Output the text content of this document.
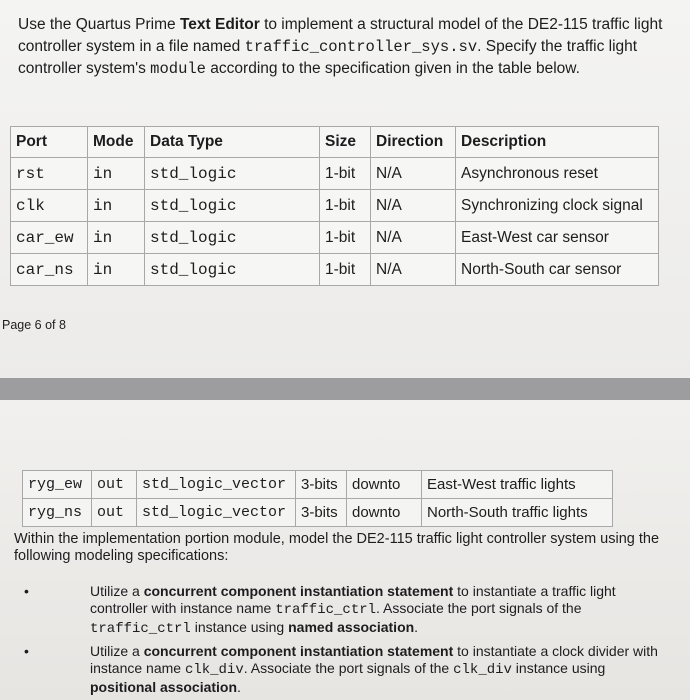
Use the Quartus Prime Text Editor to implement a structural model of the DE2-115 traffic light controller system in a file named traffic_controller_sys.sv. Specify the traffic light controller system's module according to the specification given in the table below.
Port	Mode	Data Type	Size	Direction	Description
rst	in	std_logic	1-bit	N/A	Asynchronous reset
clk	in	std_logic	1-bit	N/A	Synchronizing clock signal
car_ew	in	std_logic	1-bit	N/A	East-West car sensor
car_ns	in	std_logic	1-bit	N/A	North-South car sensor
Page 6 of 8
ryg_ew	out	std_logic_vector	3-bits	downto	East-West traffic lights
ryg_ns	out	std_logic_vector	3-bits	downto	North-South traffic lights
Within the implementation portion module, model the DE2-115 traffic light controller system using the following modeling specifications:
•	Utilize a concurrent component instantiation statement to instantiate a traffic light controller with instance name traffic_ctrl. Associate the port signals of the traffic_ctrl instance using named association.
•	Utilize a concurrent component instantiation statement to instantiate a clock divider with instance name clk_div. Associate the port signals of the clk_div instance using positional association.
